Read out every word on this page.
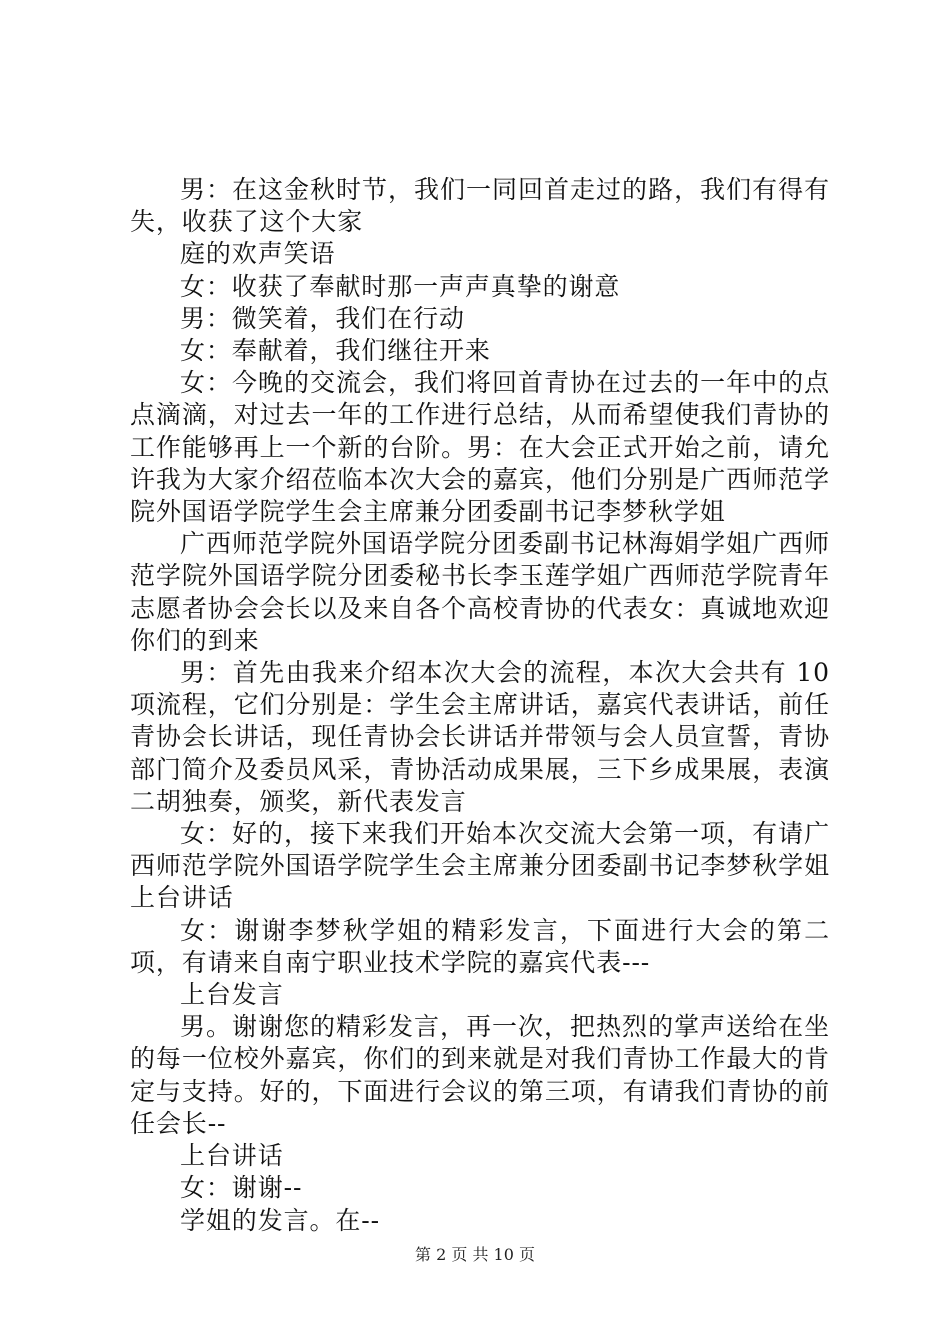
男：在这金秋时节，我们一同回首走过的路，我们有得有失，收获了这个大家

庭的欢声笑语

女：收获了奉献时那一声声真挚的谢意

男：微笑着，我们在行动

女：奉献着，我们继往开来

女：今晚的交流会，我们将回首青协在过去的一年中的点点滴滴，对过去一年的工作进行总结，从而希望使我们青协的工作能够再上一个新的台阶。男：在大会正式开始之前，请允许我为大家介绍莅临本次大会的嘉宾，他们分别是广西师范学院外国语学院学生会主席兼分团委副书记李梦秋学姐

广西师范学院外国语学院分团委副书记林海娟学姐广西师范学院外国语学院分团委秘书长李玉莲学姐广西师范学院青年志愿者协会会长以及来自各个高校青协的代表女：真诚地欢迎你们的到来

男：首先由我来介绍本次大会的流程，本次大会共有 10 项流程，它们分别是：学生会主席讲话，嘉宾代表讲话，前任青协会长讲话，现任青协会长讲话并带领与会人员宣誓，青协部门简介及委员风采，青协活动成果展，三下乡成果展，表演二胡独奏，颁奖，新代表发言

女：好的，接下来我们开始本次交流大会第一项，有请广西师范学院外国语学院学生会主席兼分团委副书记李梦秋学姐上台讲话

女：谢谢李梦秋学姐的精彩发言，下面进行大会的第二项，有请来自南宁职业技术学院的嘉宾代表---

上台发言

男。谢谢您的精彩发言，再一次，把热烈的掌声送给在坐的每一位校外嘉宾，你们的到来就是对我们青协工作最大的肯定与支持。好的，下面进行会议的第三项，有请我们青协的前任会长--

上台讲话

女：谢谢--

学姐的发言。在--

第 2 页 共 10 页
